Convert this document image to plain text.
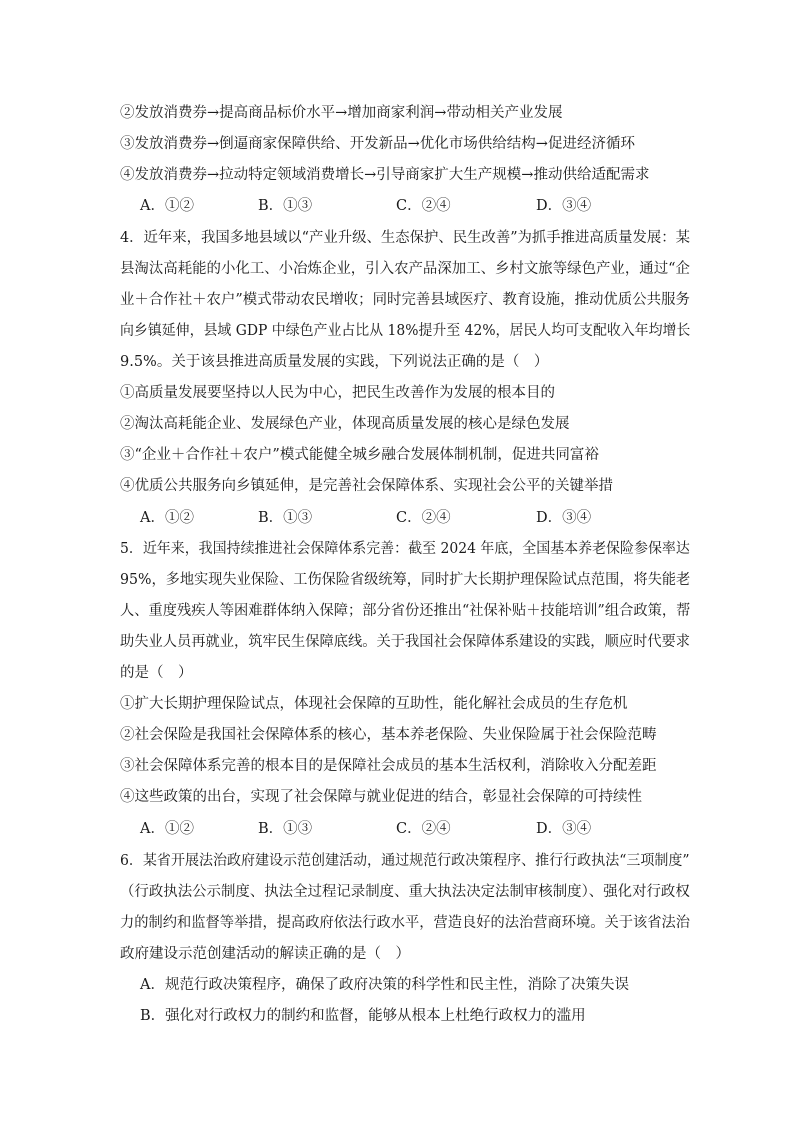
②发放消费券→提高商品标价水平→增加商家利润→带动相关产业发展
③发放消费券→倒逼商家保障供给、开发新品→优化市场供给结构→促进经济循环
④发放消费券→拉动特定领域消费增长→引导商家扩大生产规模→推动供给适配需求
A．①②	B．①③	C．②④	D．③④
4．近年来，我国多地县域以“产业升级、生态保护、民生改善”为抓手推进高质量发展：某
县淘汰高耗能的小化工、小冶炼企业，引入农产品深加工、乡村文旅等绿色产业，通过“企
业＋合作社＋农户”模式带动农民增收；同时完善县域医疗、教育设施，推动优质公共服务
向乡镇延伸，县域 GDP 中绿色产业占比从 18%提升至 42%，居民人均可支配收入年均增长
9.5%。关于该县推进高质量发展的实践，下列说法正确的是（　）
①高质量发展要坚持以人民为中心，把民生改善作为发展的根本目的
②淘汰高耗能企业、发展绿色产业，体现高质量发展的核心是绿色发展
③“企业＋合作社＋农户”模式能健全城乡融合发展体制机制，促进共同富裕
④优质公共服务向乡镇延伸，是完善社会保障体系、实现社会公平的关键举措
A．①②	B．①③	C．②④	D．③④
5．近年来，我国持续推进社会保障体系完善：截至 2024 年底，全国基本养老保险参保率达
95%，多地实现失业保险、工伤保险省级统筹，同时扩大长期护理保险试点范围，将失能老
人、重度残疾人等困难群体纳入保障；部分省份还推出“社保补贴＋技能培训”组合政策，帮
助失业人员再就业，筑牢民生保障底线。关于我国社会保障体系建设的实践，顺应时代要求
的是（　）
①扩大长期护理保险试点，体现社会保障的互助性，能化解社会成员的生存危机
②社会保险是我国社会保障体系的核心，基本养老保险、失业保险属于社会保险范畴
③社会保障体系完善的根本目的是保障社会成员的基本生活权利，消除收入分配差距
④这些政策的出台，实现了社会保障与就业促进的结合，彰显社会保障的可持续性
A．①②	B．①③	C．②④	D．③④
6．某省开展法治政府建设示范创建活动，通过规范行政决策程序、推行行政执法“三项制度”
（行政执法公示制度、执法全过程记录制度、重大执法决定法制审核制度）、强化对行政权
力的制约和监督等举措，提高政府依法行政水平，营造良好的法治营商环境。关于该省法治
政府建设示范创建活动的解读正确的是（　）
A．规范行政决策程序，确保了政府决策的科学性和民主性，消除了决策失误
B．强化对行政权力的制约和监督，能够从根本上杜绝行政权力的滥用
